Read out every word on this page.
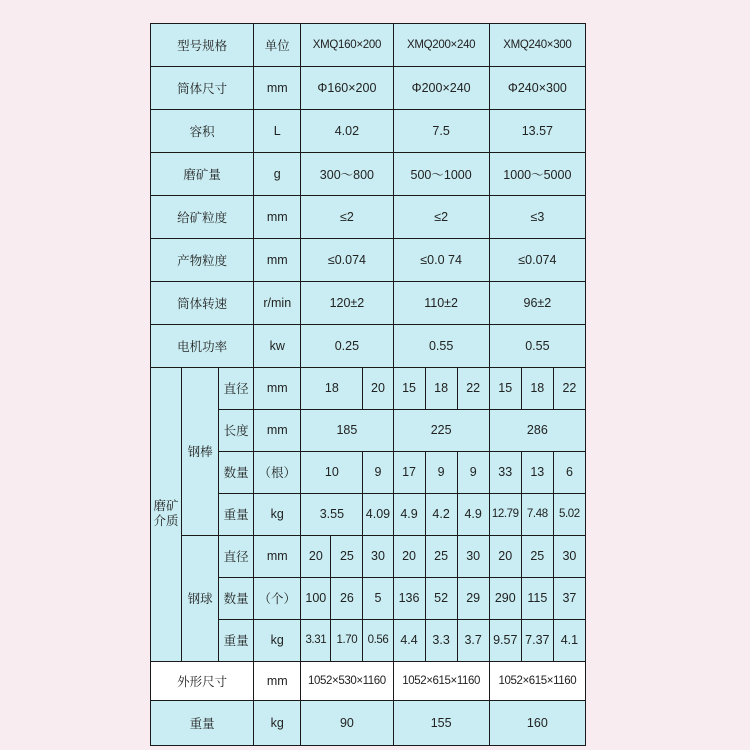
型号规格			单位	XMQ160×200			XMQ200×240			XMQ240×300		
筒体尺寸			mm	Φ160×200			Φ200×240			Φ240×300		
容积			L	4.02			7.5			13.57		
磨矿量			g	300～800			500～1000			1000～5000		
给矿粒度			mm	≤2			≤2			≤3		
产物粒度			mm	≤0.074			≤0.0 74			≤0.074		
筒体转速			r/min	120±2			110±2			96±2		
电机功率			kw	0.25			0.55			0.55		
磨矿
介质	钢棒	直径	mm	18		20	15	18	22	15	18	22
		长度	mm	185			225			286		
		数量	（根）	10		9	17	9	9	33	13	6
		重量	kg	3.55		4.09	4.9	4.2	4.9	12.79	7.48	5.02
	钢球	直径	mm	20	25	30	20	25	30	20	25	30
		数量	（个）	100	26	5	136	52	29	290	115	37
		重量	kg	3.31	1.70	0.56	4.4	3.3	3.7	9.57	7.37	4.1
外形尺寸			mm	1052×530×1160			1052×615×1160			1052×615×1160		
重量			kg	90			155			160		
